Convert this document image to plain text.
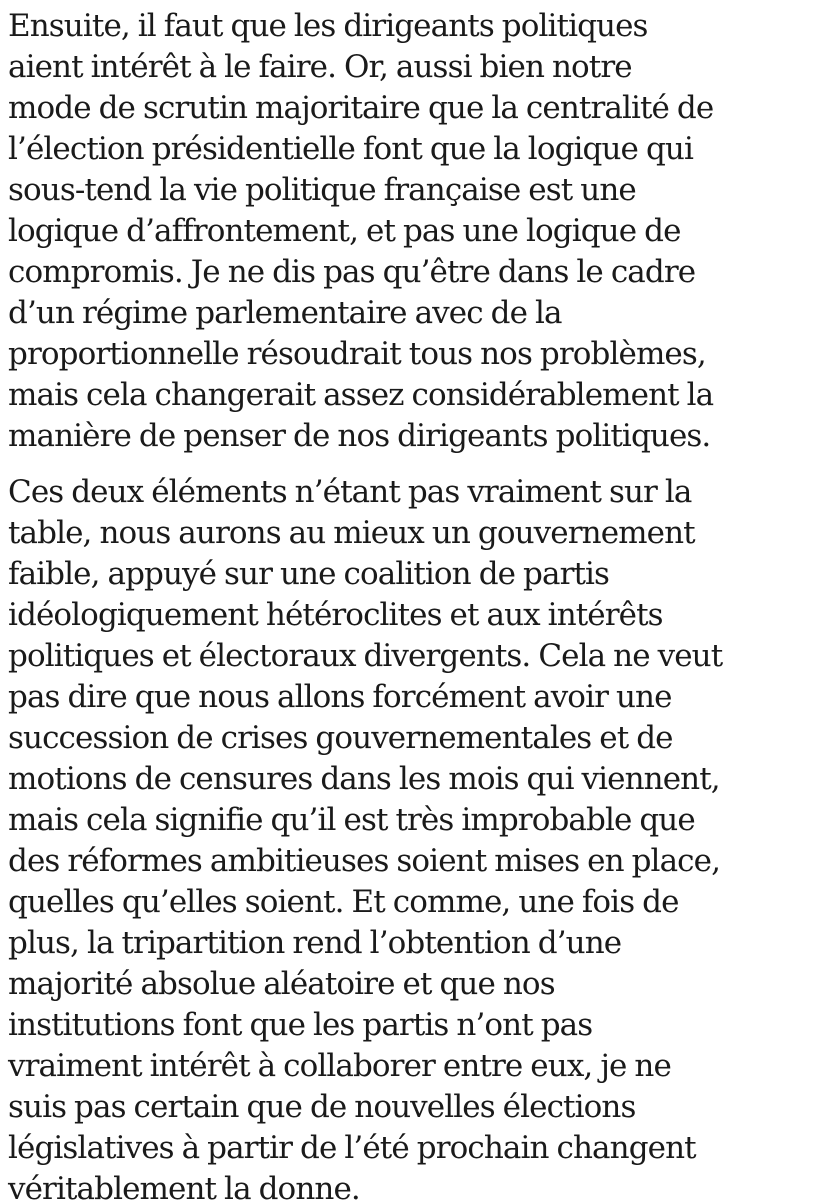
Ensuite, il faut que les dirigeants politiques

aient intérêt à le faire. Or, aussi bien notre

mode de scrutin majoritaire que la centralité de

l’élection présidentielle font que la logique qui

sous-tend la vie politique française est une

logique d’affrontement, et pas une logique de

compromis. Je ne dis pas qu’être dans le cadre

d’un régime parlementaire avec de la

proportionnelle résoudrait tous nos problèmes,

mais cela changerait assez considérablement la

manière de penser de nos dirigeants politiques.

Ces deux éléments n’étant pas vraiment sur la

table, nous aurons au mieux un gouvernement

faible, appuyé sur une coalition de partis

idéologiquement hétéroclites et aux intérêts

politiques et électoraux divergents. Cela ne veut

pas dire que nous allons forcément avoir une

succession de crises gouvernementales et de

motions de censures dans les mois qui viennent,

mais cela signifie qu’il est très improbable que

des réformes ambitieuses soient mises en place,

quelles qu’elles soient. Et comme, une fois de

plus, la tripartition rend l’obtention d’une

majorité absolue aléatoire et que nos

institutions font que les partis n’ont pas

vraiment intérêt à collaborer entre eux, je ne

suis pas certain que de nouvelles élections

législatives à partir de l’été prochain changent

véritablement la donne.
